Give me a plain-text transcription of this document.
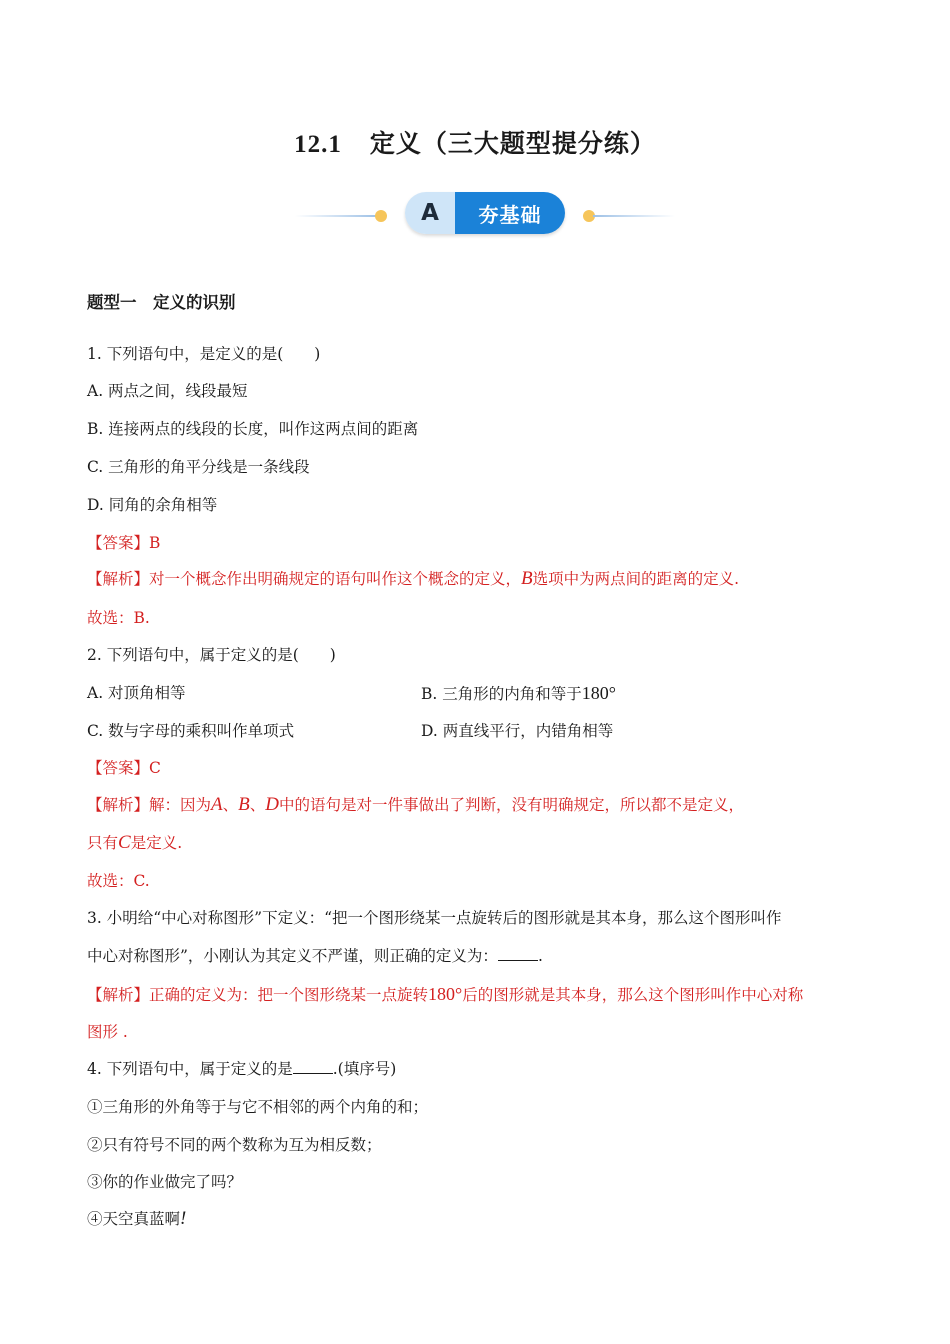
12.1 定义（三大题型提分练）
A	夯基础
题型一　定义的识别
1. 下列语句中，是定义的是(　　)
A. 两点之间，线段最短
B. 连接两点的线段的长度，叫作这两点间的距离
C. 三角形的角平分线是一条线段
D. 同角的余角相等
【答案】B
【解析】对一个概念作出明确规定的语句叫作这个概念的定义，B选项中为两点间的距离的定义.
故选：B.
2. 下列语句中，属于定义的是(　　)
A. 对顶角相等	B. 三角形的内角和等于180°
C. 数与字母的乘积叫作单项式	D. 两直线平行，内错角相等
【答案】C
【解析】解：因为A、B、D中的语句是对一件事做出了判断，没有明确规定，所以都不是定义，
只有C是定义.
故选：C.
3. 小明给“中心对称图形”下定义：“把一个图形绕某一点旋转后的图形就是其本身，那么这个图形叫作
中心对称图形”，小刚认为其定义不严谨，则正确的定义为：	.
【解析】正确的定义为：把一个图形绕某一点旋转180°后的图形就是其本身，那么这个图形叫作中心对称
图形 .
4. 下列语句中，属于定义的是	.(填序号)
①三角形的外角等于与它不相邻的两个内角的和；
②只有符号不同的两个数称为互为相反数；
③你的作业做完了吗？
④天空真蓝啊!
